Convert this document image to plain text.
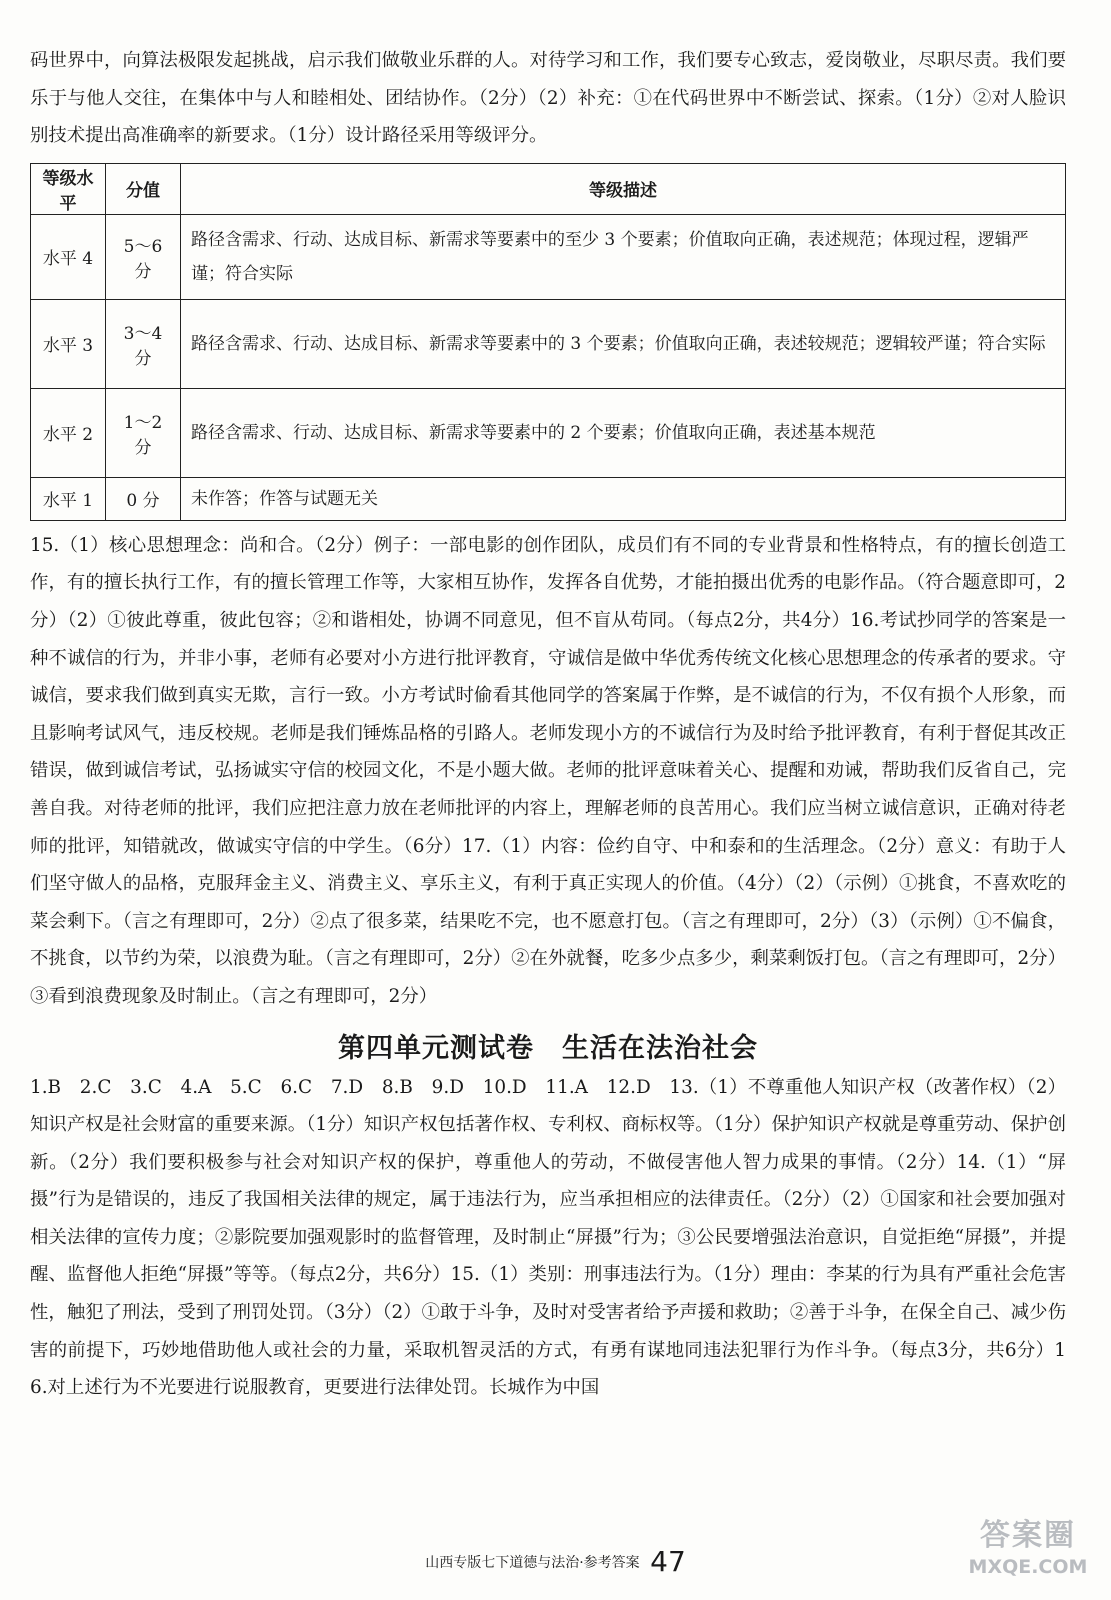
码世界中，向算法极限发起挑战，启示我们做敬业乐群的人。对待学习和工作，我们要专心致志，爱岗敬业，尽职尽责。我们要乐于与他人交往，在集体中与人和睦相处、团结协作。（2分）（2）补充：①在代码世界中不断尝试、探索。（1分）②对人脸识别技术提出高准确率的新要求。（1分）设计路径采用等级评分。

等级水平	分值	等级描述
水平 4	5～6 分	路径含需求、行动、达成目标、新需求等要素中的至少 3 个要素；价值取向正确，表述规范；体现过程，逻辑严谨；符合实际
水平 3	3～4 分	路径含需求、行动、达成目标、新需求等要素中的 3 个要素；价值取向正确，表述较规范；逻辑较严谨；符合实际
水平 2	1～2 分	路径含需求、行动、达成目标、新需求等要素中的 2 个要素；价值取向正确，表述基本规范
水平 1	0 分	未作答；作答与试题无关

15.（1）核心思想理念：尚和合。（2分）例子：一部电影的创作团队，成员们有不同的专业背景和性格特点，有的擅长创造工作，有的擅长执行工作，有的擅长管理工作等，大家相互协作，发挥各自优势，才能拍摄出优秀的电影作品。（符合题意即可，2分）（2）①彼此尊重，彼此包容；②和谐相处，协调不同意见，但不盲从苟同。（每点2分，共4分）16.考试抄同学的答案是一种不诚信的行为，并非小事，老师有必要对小方进行批评教育，守诚信是做中华优秀传统文化核心思想理念的传承者的要求。守诚信，要求我们做到真实无欺，言行一致。小方考试时偷看其他同学的答案属于作弊，是不诚信的行为，不仅有损个人形象，而且影响考试风气，违反校规。老师是我们锤炼品格的引路人。老师发现小方的不诚信行为及时给予批评教育，有利于督促其改正错误，做到诚信考试，弘扬诚实守信的校园文化，不是小题大做。老师的批评意味着关心、提醒和劝诫，帮助我们反省自己，完善自我。对待老师的批评，我们应把注意力放在老师批评的内容上，理解老师的良苦用心。我们应当树立诚信意识，正确对待老师的批评，知错就改，做诚实守信的中学生。（6分）17.（1）内容：俭约自守、中和泰和的生活理念。（2分）意义：有助于人们坚守做人的品格，克服拜金主义、消费主义、享乐主义，有利于真正实现人的价值。（4分）（2）（示例）①挑食，不喜欢吃的菜会剩下。（言之有理即可，2分）②点了很多菜，结果吃不完，也不愿意打包。（言之有理即可，2分）（3）（示例）①不偏食，不挑食，以节约为荣，以浪费为耻。（言之有理即可，2分）②在外就餐，吃多少点多少，剩菜剩饭打包。（言之有理即可，2分）③看到浪费现象及时制止。（言之有理即可，2分）

第四单元测试卷　生活在法治社会

1.B　2.C　3.C　4.A　5.C　6.C　7.D　8.B　9.D　10.D　11.A　12.D　13.（1）不尊重他人知识产权（改著作权）（2）知识产权是社会财富的重要来源。（1分）知识产权包括著作权、专利权、商标权等。（1分）保护知识产权就是尊重劳动、保护创新。（2分）我们要积极参与社会对知识产权的保护，尊重他人的劳动，不做侵害他人智力成果的事情。（2分）14.（1）“屏摄”行为是错误的，违反了我国相关法律的规定，属于违法行为，应当承担相应的法律责任。（2分）（2）①国家和社会要加强对相关法律的宣传力度；②影院要加强观影时的监督管理，及时制止“屏摄”行为；③公民要增强法治意识，自觉拒绝“屏摄”，并提醒、监督他人拒绝“屏摄”等等。（每点2分，共6分）15.（1）类别：刑事违法行为。（1分）理由：李某的行为具有严重社会危害性，触犯了刑法，受到了刑罚处罚。（3分）（2）①敢于斗争，及时对受害者给予声援和救助；②善于斗争，在保全自己、减少伤害的前提下，巧妙地借助他人或社会的力量，采取机智灵活的方式，有勇有谋地同违法犯罪行为作斗争。（每点3分，共6分）16.对上述行为不光要进行说服教育，更要进行法律处罚。长城作为中国

山西专版七下道德与法治·参考答案 47
答案圈
MXQE.COM
